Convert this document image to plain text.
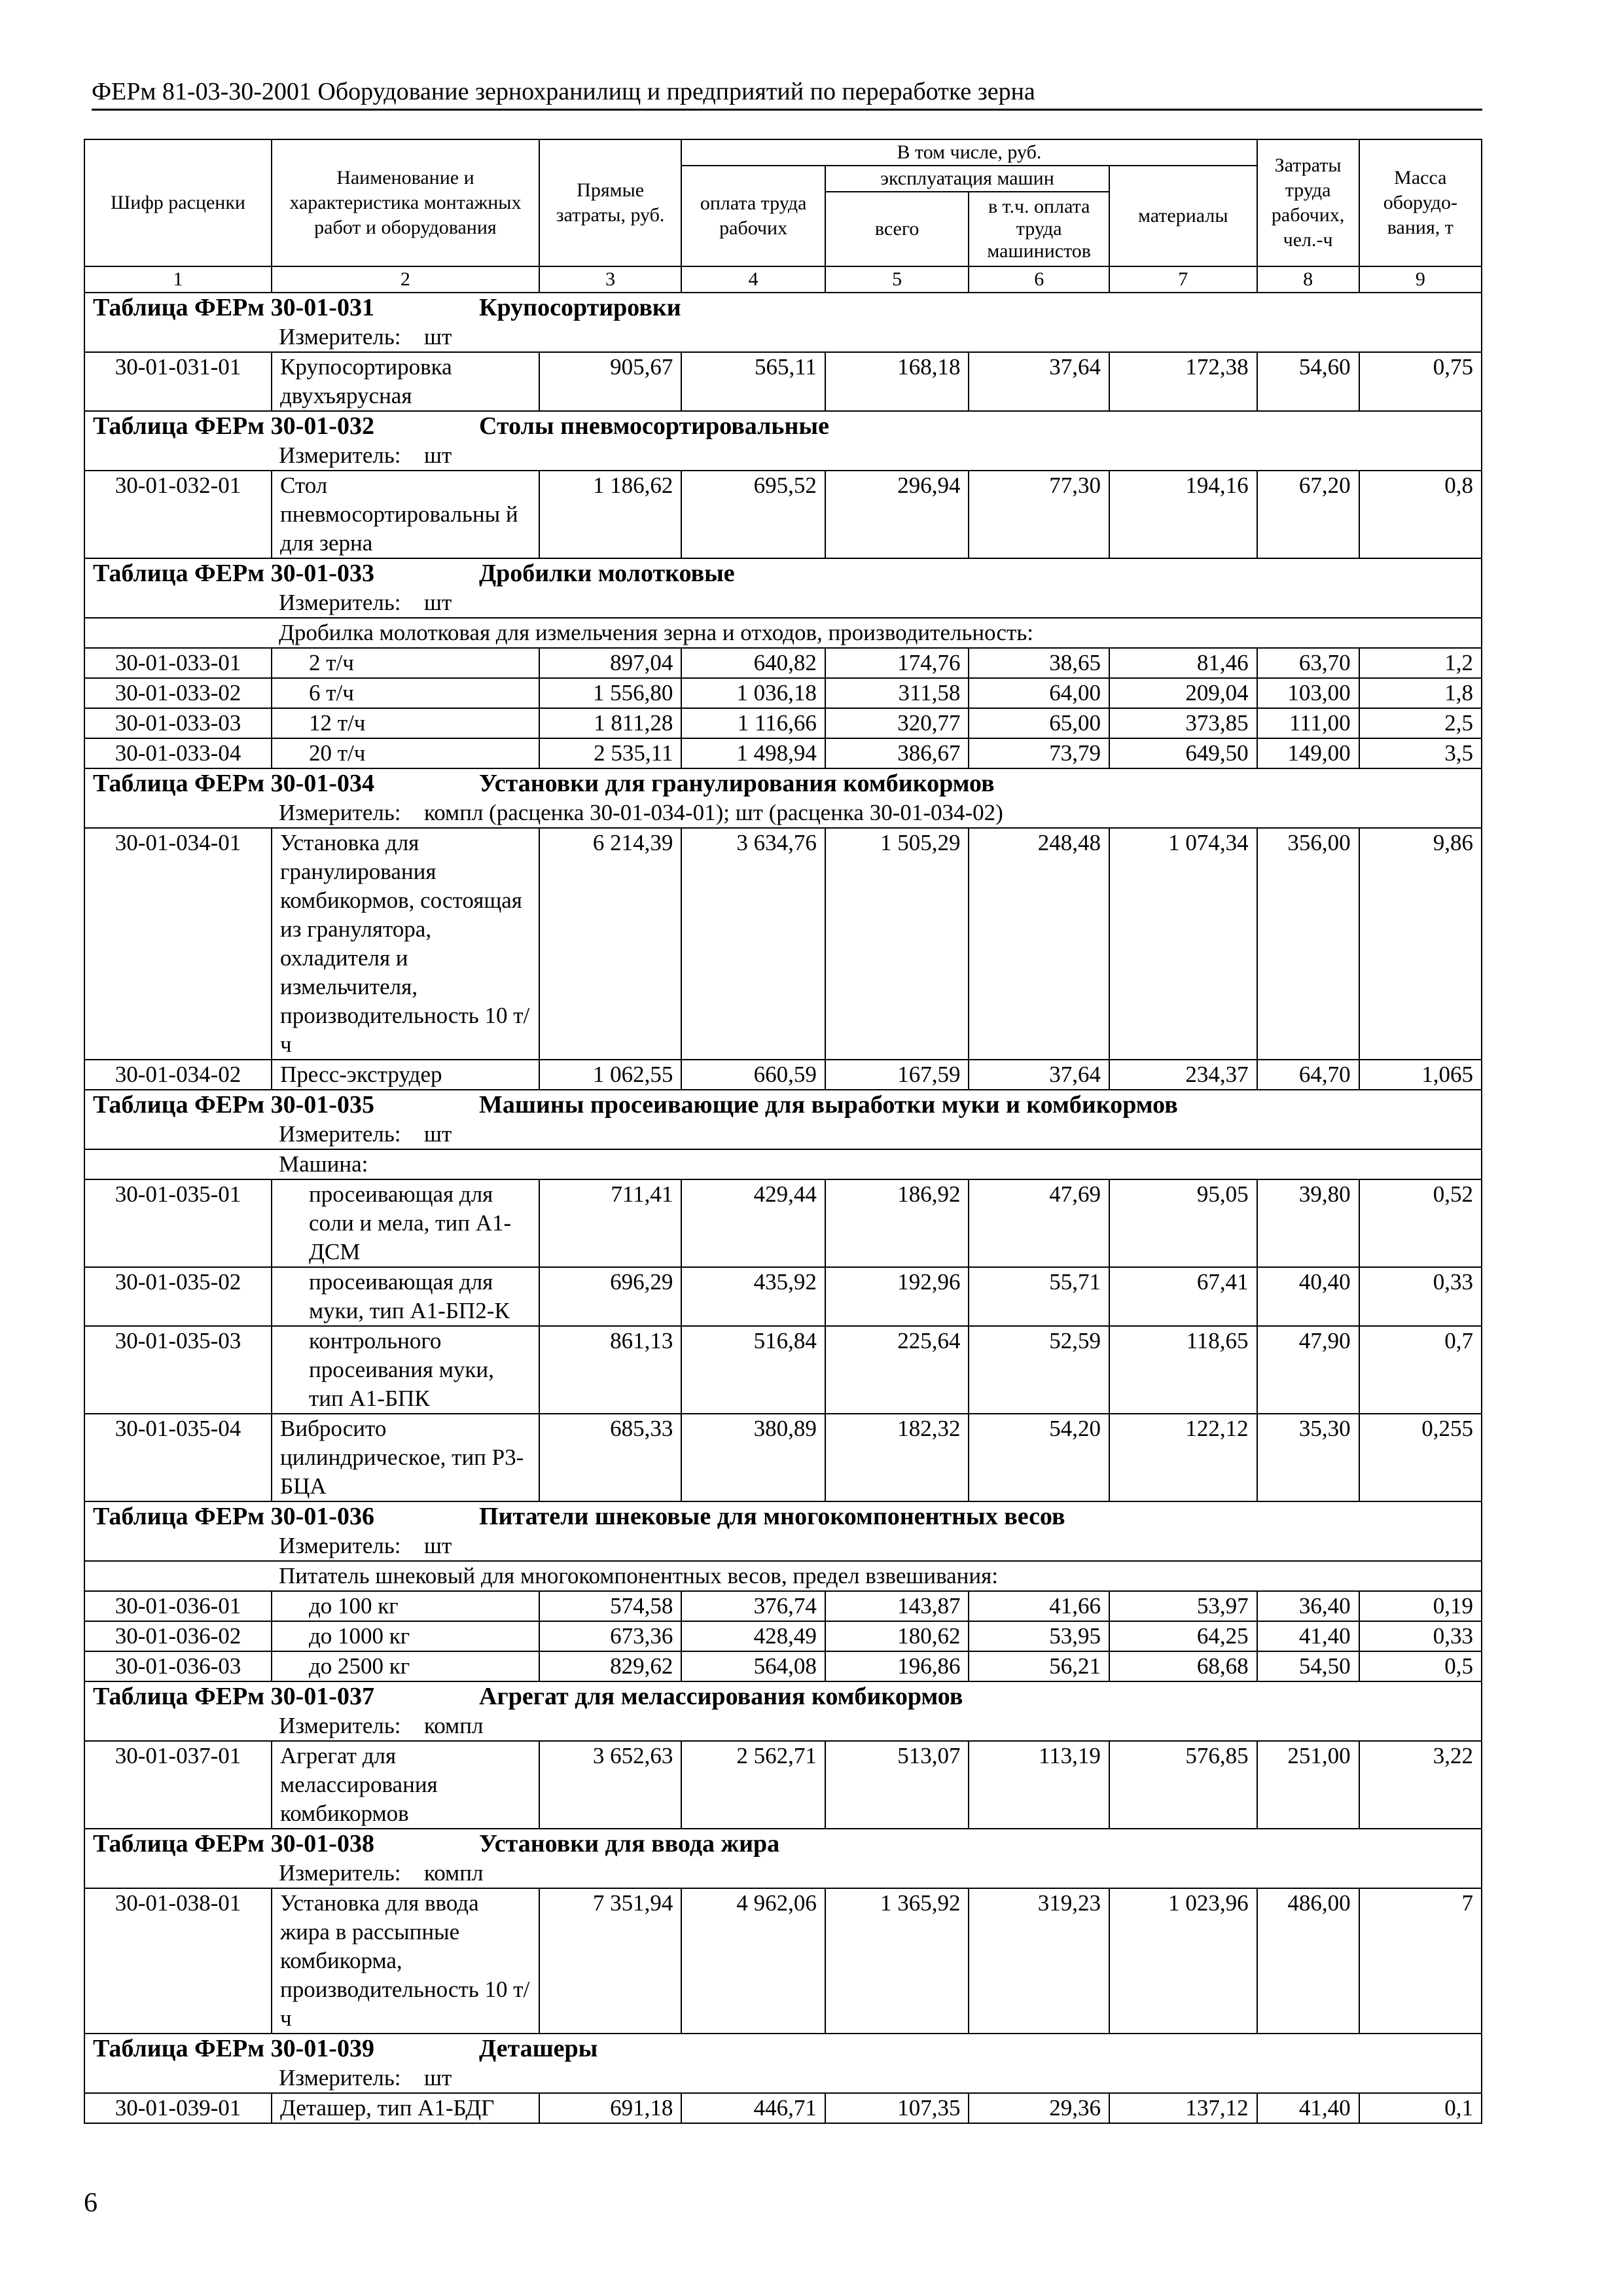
ФЕРм 81-03-30-2001 Оборудование зернохранилищ и предприятий по переработке зерна
Шифр расценки	Наименование и характеристика монтажных работ и оборудования	Прямые затраты, руб.	В том числе, руб.				Затраты труда рабочих, чел.-ч	Масса оборудо-вания, т
			оплата труда рабочих	эксплуатация машин		материалы		
				всего	в т.ч. оплата труда машинистов			
1	2	3	4	5	6	7	8	9
Таблица ФЕРм 30-01-031 Крупосортировки								
Измеритель: шт								
30-01-031-01	Крупосортировка двухъярусная	905,67	565,11	168,18	37,64	172,38	54,60	0,75
Таблица ФЕРм 30-01-032 Столы пневмосортировальные								
Измеритель: шт								
30-01-032-01	Стол пневмосортировальны й для зерна	1 186,62	695,52	296,94	77,30	194,16	67,20	0,8
Таблица ФЕРм 30-01-033 Дробилки молотковые								
Измеритель: шт								
Дробилка молотковая для измельчения зерна и отходов, производительность:								
30-01-033-01	2 т/ч	897,04	640,82	174,76	38,65	81,46	63,70	1,2
30-01-033-02	6 т/ч	1 556,80	1 036,18	311,58	64,00	209,04	103,00	1,8
30-01-033-03	12 т/ч	1 811,28	1 116,66	320,77	65,00	373,85	111,00	2,5
30-01-033-04	20 т/ч	2 535,11	1 498,94	386,67	73,79	649,50	149,00	3,5
Таблица ФЕРм 30-01-034 Установки для гранулирования комбикормов								
Измеритель: компл (расценка 30-01-034-01); шт (расценка 30-01-034-02)								
30-01-034-01	Установка для гранулирования комбикормов, состоящая из гранулятора, охладителя и измельчителя, производительность 10 т/ч	6 214,39	3 634,76	1 505,29	248,48	1 074,34	356,00	9,86
30-01-034-02	Пресс-экструдер	1 062,55	660,59	167,59	37,64	234,37	64,70	1,065
Таблица ФЕРм 30-01-035 Машины просеивающие для выработки муки и комбикормов								
Измеритель: шт								
Машина:								
30-01-035-01	просеивающая для соли и мела, тип А1-ДСМ	711,41	429,44	186,92	47,69	95,05	39,80	0,52
30-01-035-02	просеивающая для муки, тип А1-БП2-К	696,29	435,92	192,96	55,71	67,41	40,40	0,33
30-01-035-03	контрольного просеивания муки, тип А1-БПК	861,13	516,84	225,64	52,59	118,65	47,90	0,7
30-01-035-04	Вибросито цилиндрическое, тип Р3-БЦА	685,33	380,89	182,32	54,20	122,12	35,30	0,255
Таблица ФЕРм 30-01-036 Питатели шнековые для многокомпонентных весов								
Измеритель: шт								
Питатель шнековый для многокомпонентных весов, предел взвешивания:								
30-01-036-01	до 100 кг	574,58	376,74	143,87	41,66	53,97	36,40	0,19
30-01-036-02	до 1000 кг	673,36	428,49	180,62	53,95	64,25	41,40	0,33
30-01-036-03	до 2500 кг	829,62	564,08	196,86	56,21	68,68	54,50	0,5
Таблица ФЕРм 30-01-037 Агрегат для мелассирования комбикормов								
Измеритель: компл								
30-01-037-01	Агрегат для мелассирования комбикормов	3 652,63	2 562,71	513,07	113,19	576,85	251,00	3,22
Таблица ФЕРм 30-01-038 Установки для ввода жира								
Измеритель: компл								
30-01-038-01	Установка для ввода жира в рассыпные комбикорма, производительность 10 т/ч	7 351,94	4 962,06	1 365,92	319,23	1 023,96	486,00	7
Таблица ФЕРм 30-01-039 Деташеры								
Измеритель: шт								
30-01-039-01	Деташер, тип А1-БДГ	691,18	446,71	107,35	29,36	137,12	41,40	0,1
6
